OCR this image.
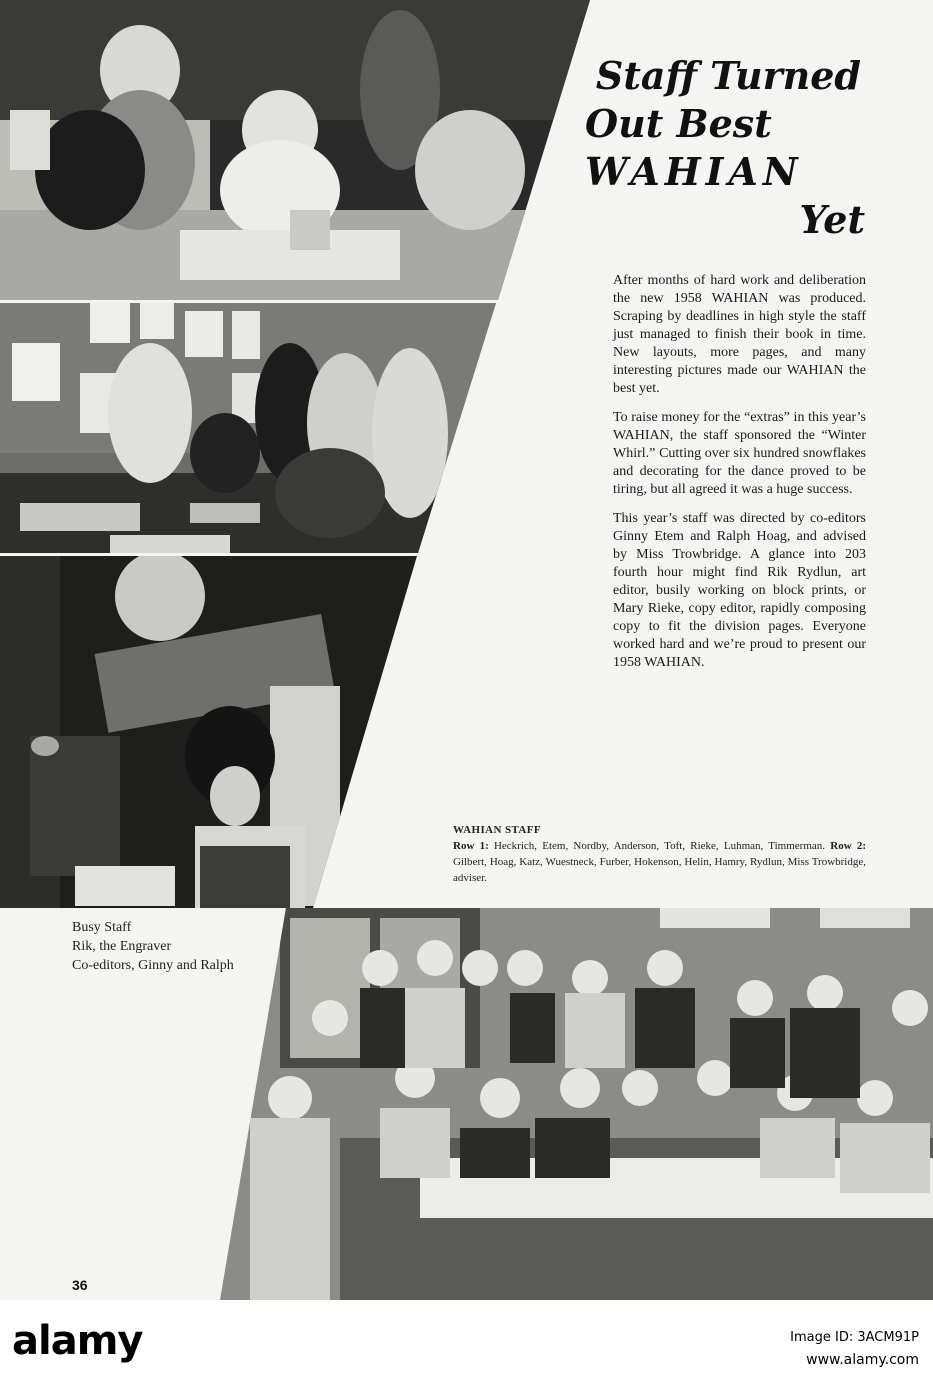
Staff Turned
Out Best
WAHIAN
Yet

After months of hard work and deliberation the new 1958 WAHIAN was produced. Scraping by deadlines in high style the staff just managed to finish their book in time. New layouts, more pages, and many interesting pictures made our WAHIAN the best yet.

To raise money for the “extras” in this year’s WAHIAN, the staff sponsored the “Winter Whirl.” Cutting over six hundred snowflakes and decorating for the dance proved to be tiring, but all agreed it was a huge success.

This year’s staff was directed by co-editors Ginny Etem and Ralph Hoag, and advised by Miss Trowbridge. A glance into 203 fourth hour might find Rik Rydlun, art editor, busily working on block prints, or Mary Rieke, copy editor, rapidly composing copy to fit the division pages. Everyone worked hard and we’re proud to present our 1958 WAHIAN.

WAHIAN STAFF
Row 1: Heckrich, Etem, Nordby, Anderson, Toft, Rieke, Luhman, Timmerman. Row 2: Gilbert, Hoag, Katz, Wuestneck, Furber, Hokenson, Helin, Hamry, Rydlun, Miss Trowbridge, adviser.
Busy Staff
Rik, the Engraver
Co-editors, Ginny and Ralph
36
alamy	Image ID: 3ACM91P
www.alamy.com
